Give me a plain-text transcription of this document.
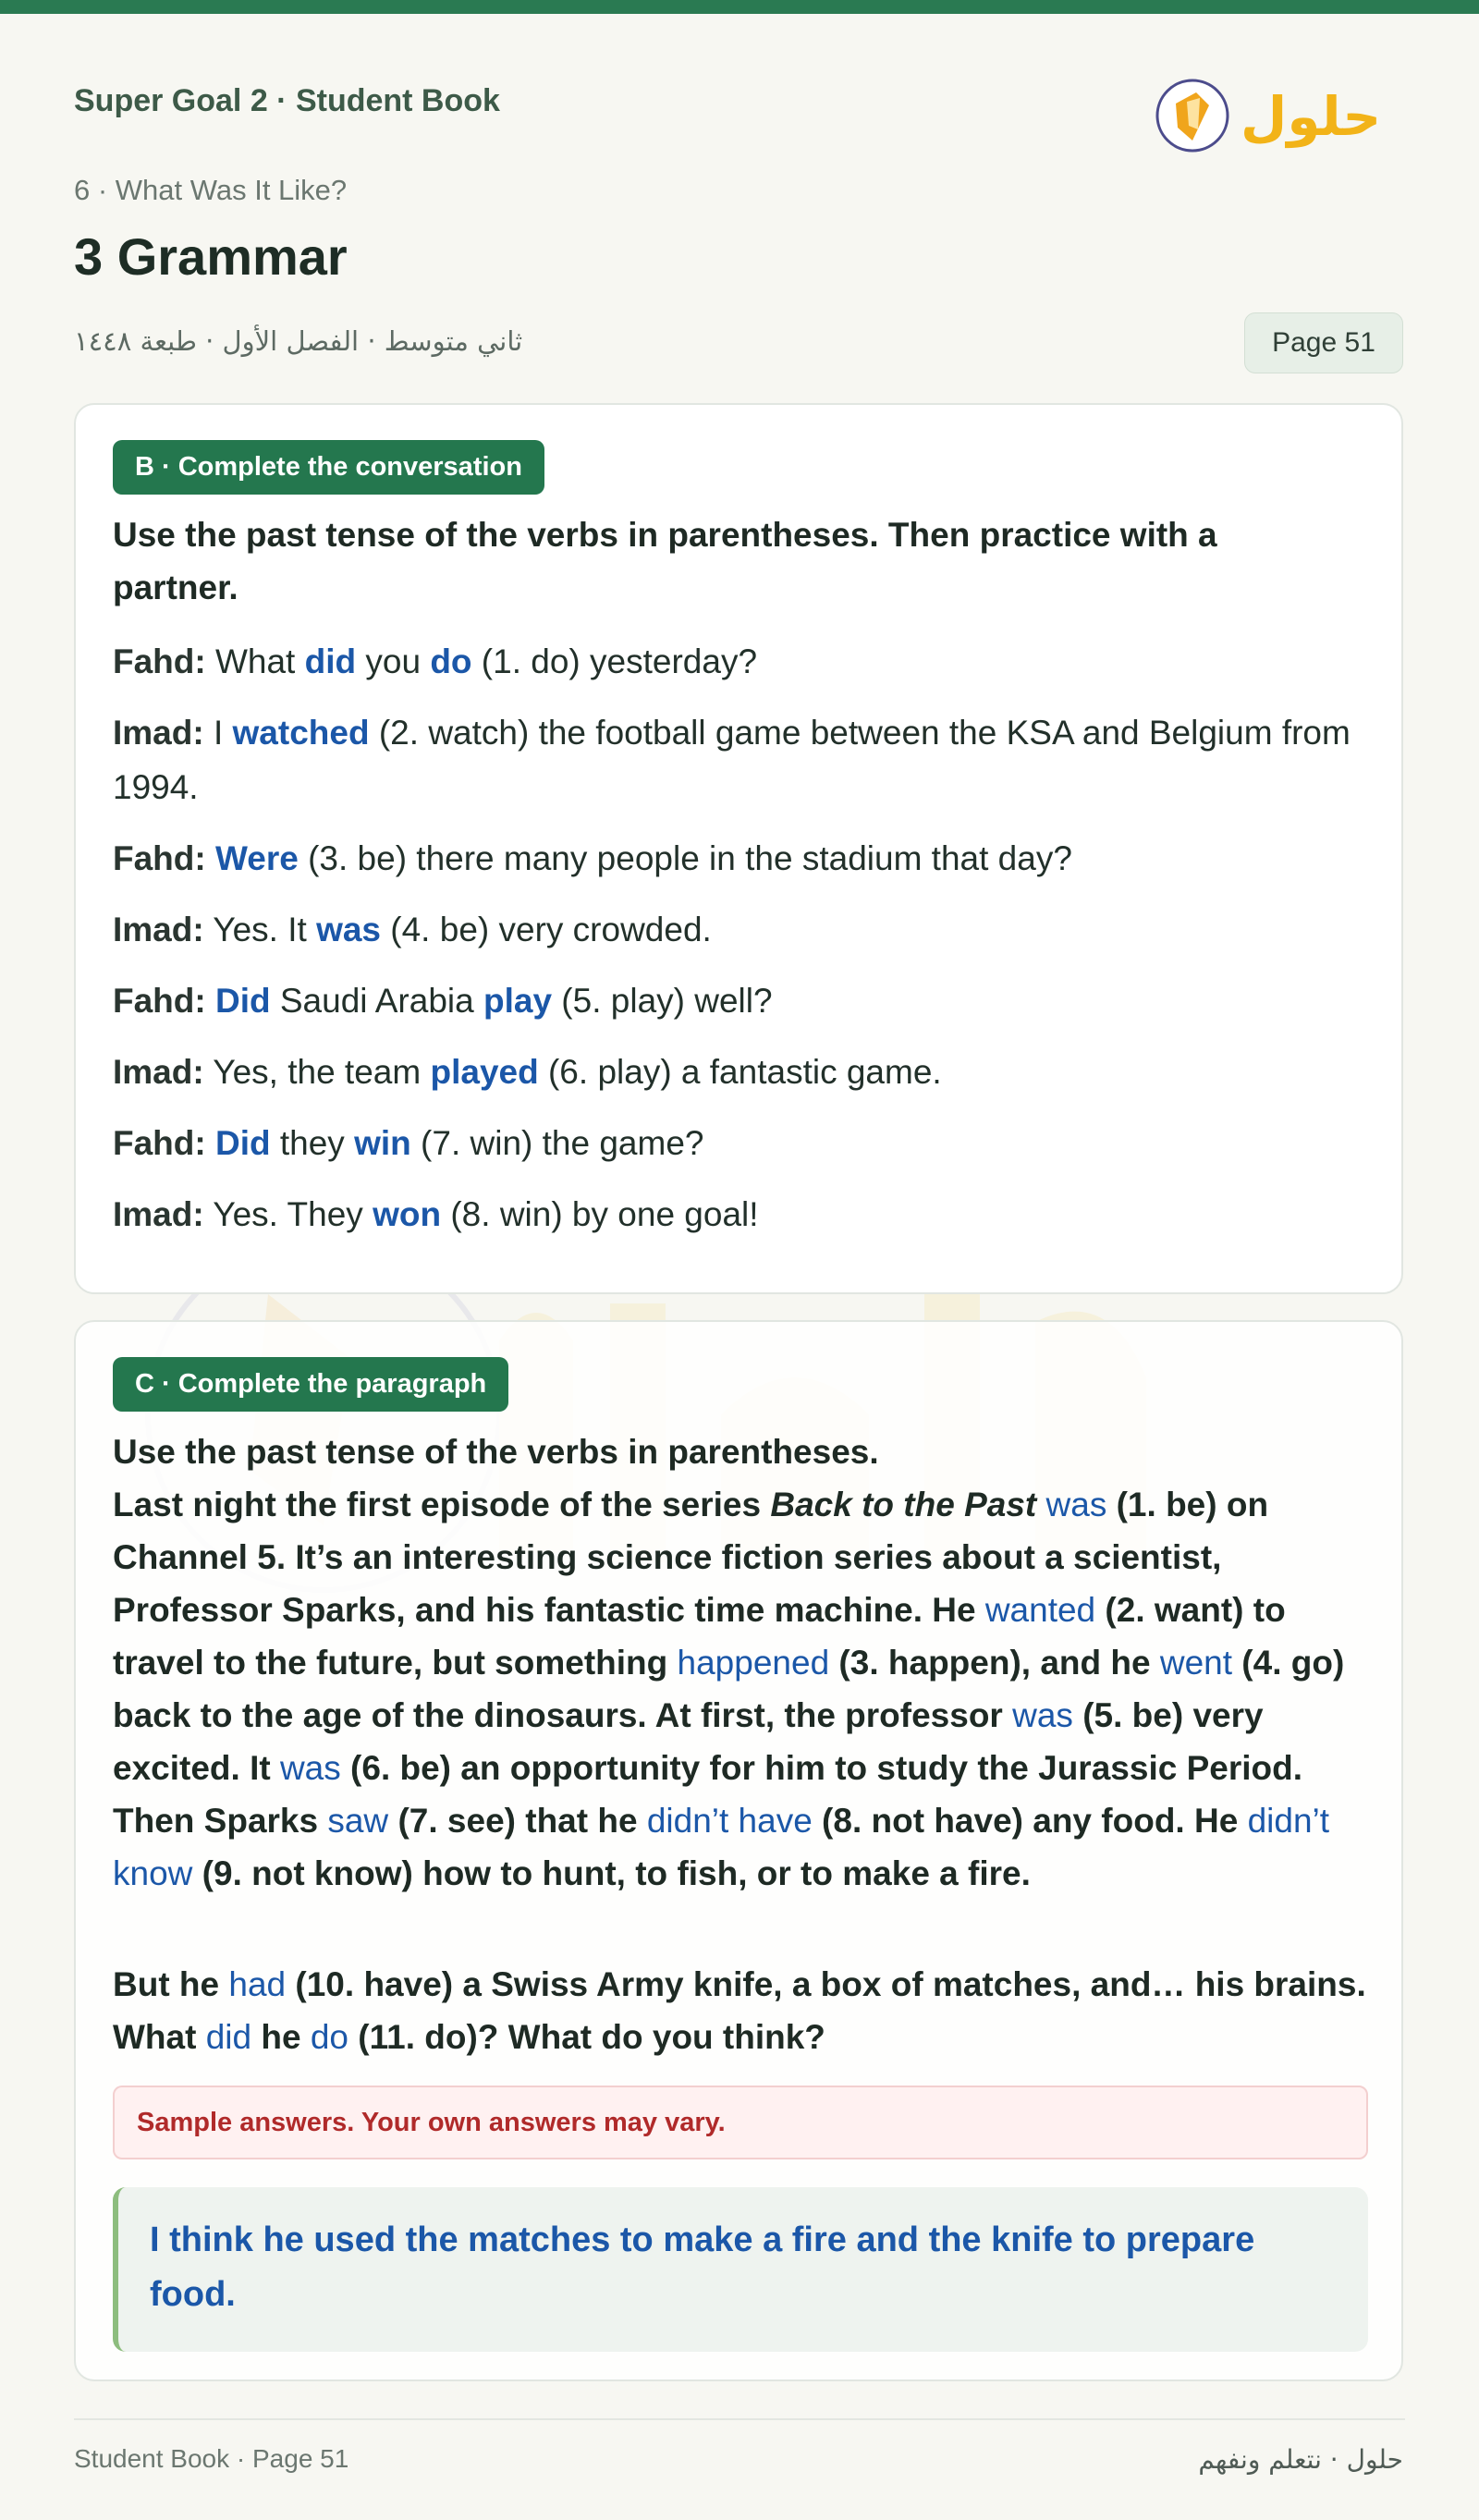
Super Goal 2 · Student Book	حلول
6 · What Was It Like?
3 Grammar
ثاني متوسط · الفصل الأول · طبعة ١٤٤٨	Page 51
B · Complete the conversation

Use the past tense of the verbs in parentheses. Then practice with a partner.

Fahd: What did you do (1. do) yesterday?

Imad: I watched (2. watch) the football game between the KSA and Belgium from 1994.

Fahd: Were (3. be) there many people in the stadium that day?

Imad: Yes. It was (4. be) very crowded.

Fahd: Did Saudi Arabia play (5. play) well?

Imad: Yes, the team played (6. play) a fantastic game.

Fahd: Did they win (7. win) the game?

Imad: Yes. They won (8. win) by one goal!

C · Complete the paragraph

Use the past tense of the verbs in parentheses.
Last night the first episode of the series Back to the Past was (1. be) on Channel 5. It’s an interesting science fiction series about a scientist, Professor Sparks, and his fantastic time machine. He wanted (2. want) to travel to the future, but something happened (3. happen), and he went (4. go) back to the age of the dinosaurs. At first, the professor was (5. be) very excited. It was (6. be) an opportunity for him to study the Jurassic Period. Then Sparks saw (7. see) that he didn’t have (8. not have) any food. He didn’t know (9. not know) how to hunt, to fish, or to make a fire.

But he had (10. have) a Swiss Army knife, a box of matches, and… his brains. What did he do (11. do)? What do you think?

Sample answers. Your own answers may vary.
I think he used the matches to make a fire and the knife to prepare food.
Student Book · Page 51	حلول · نتعلم ونفهم
